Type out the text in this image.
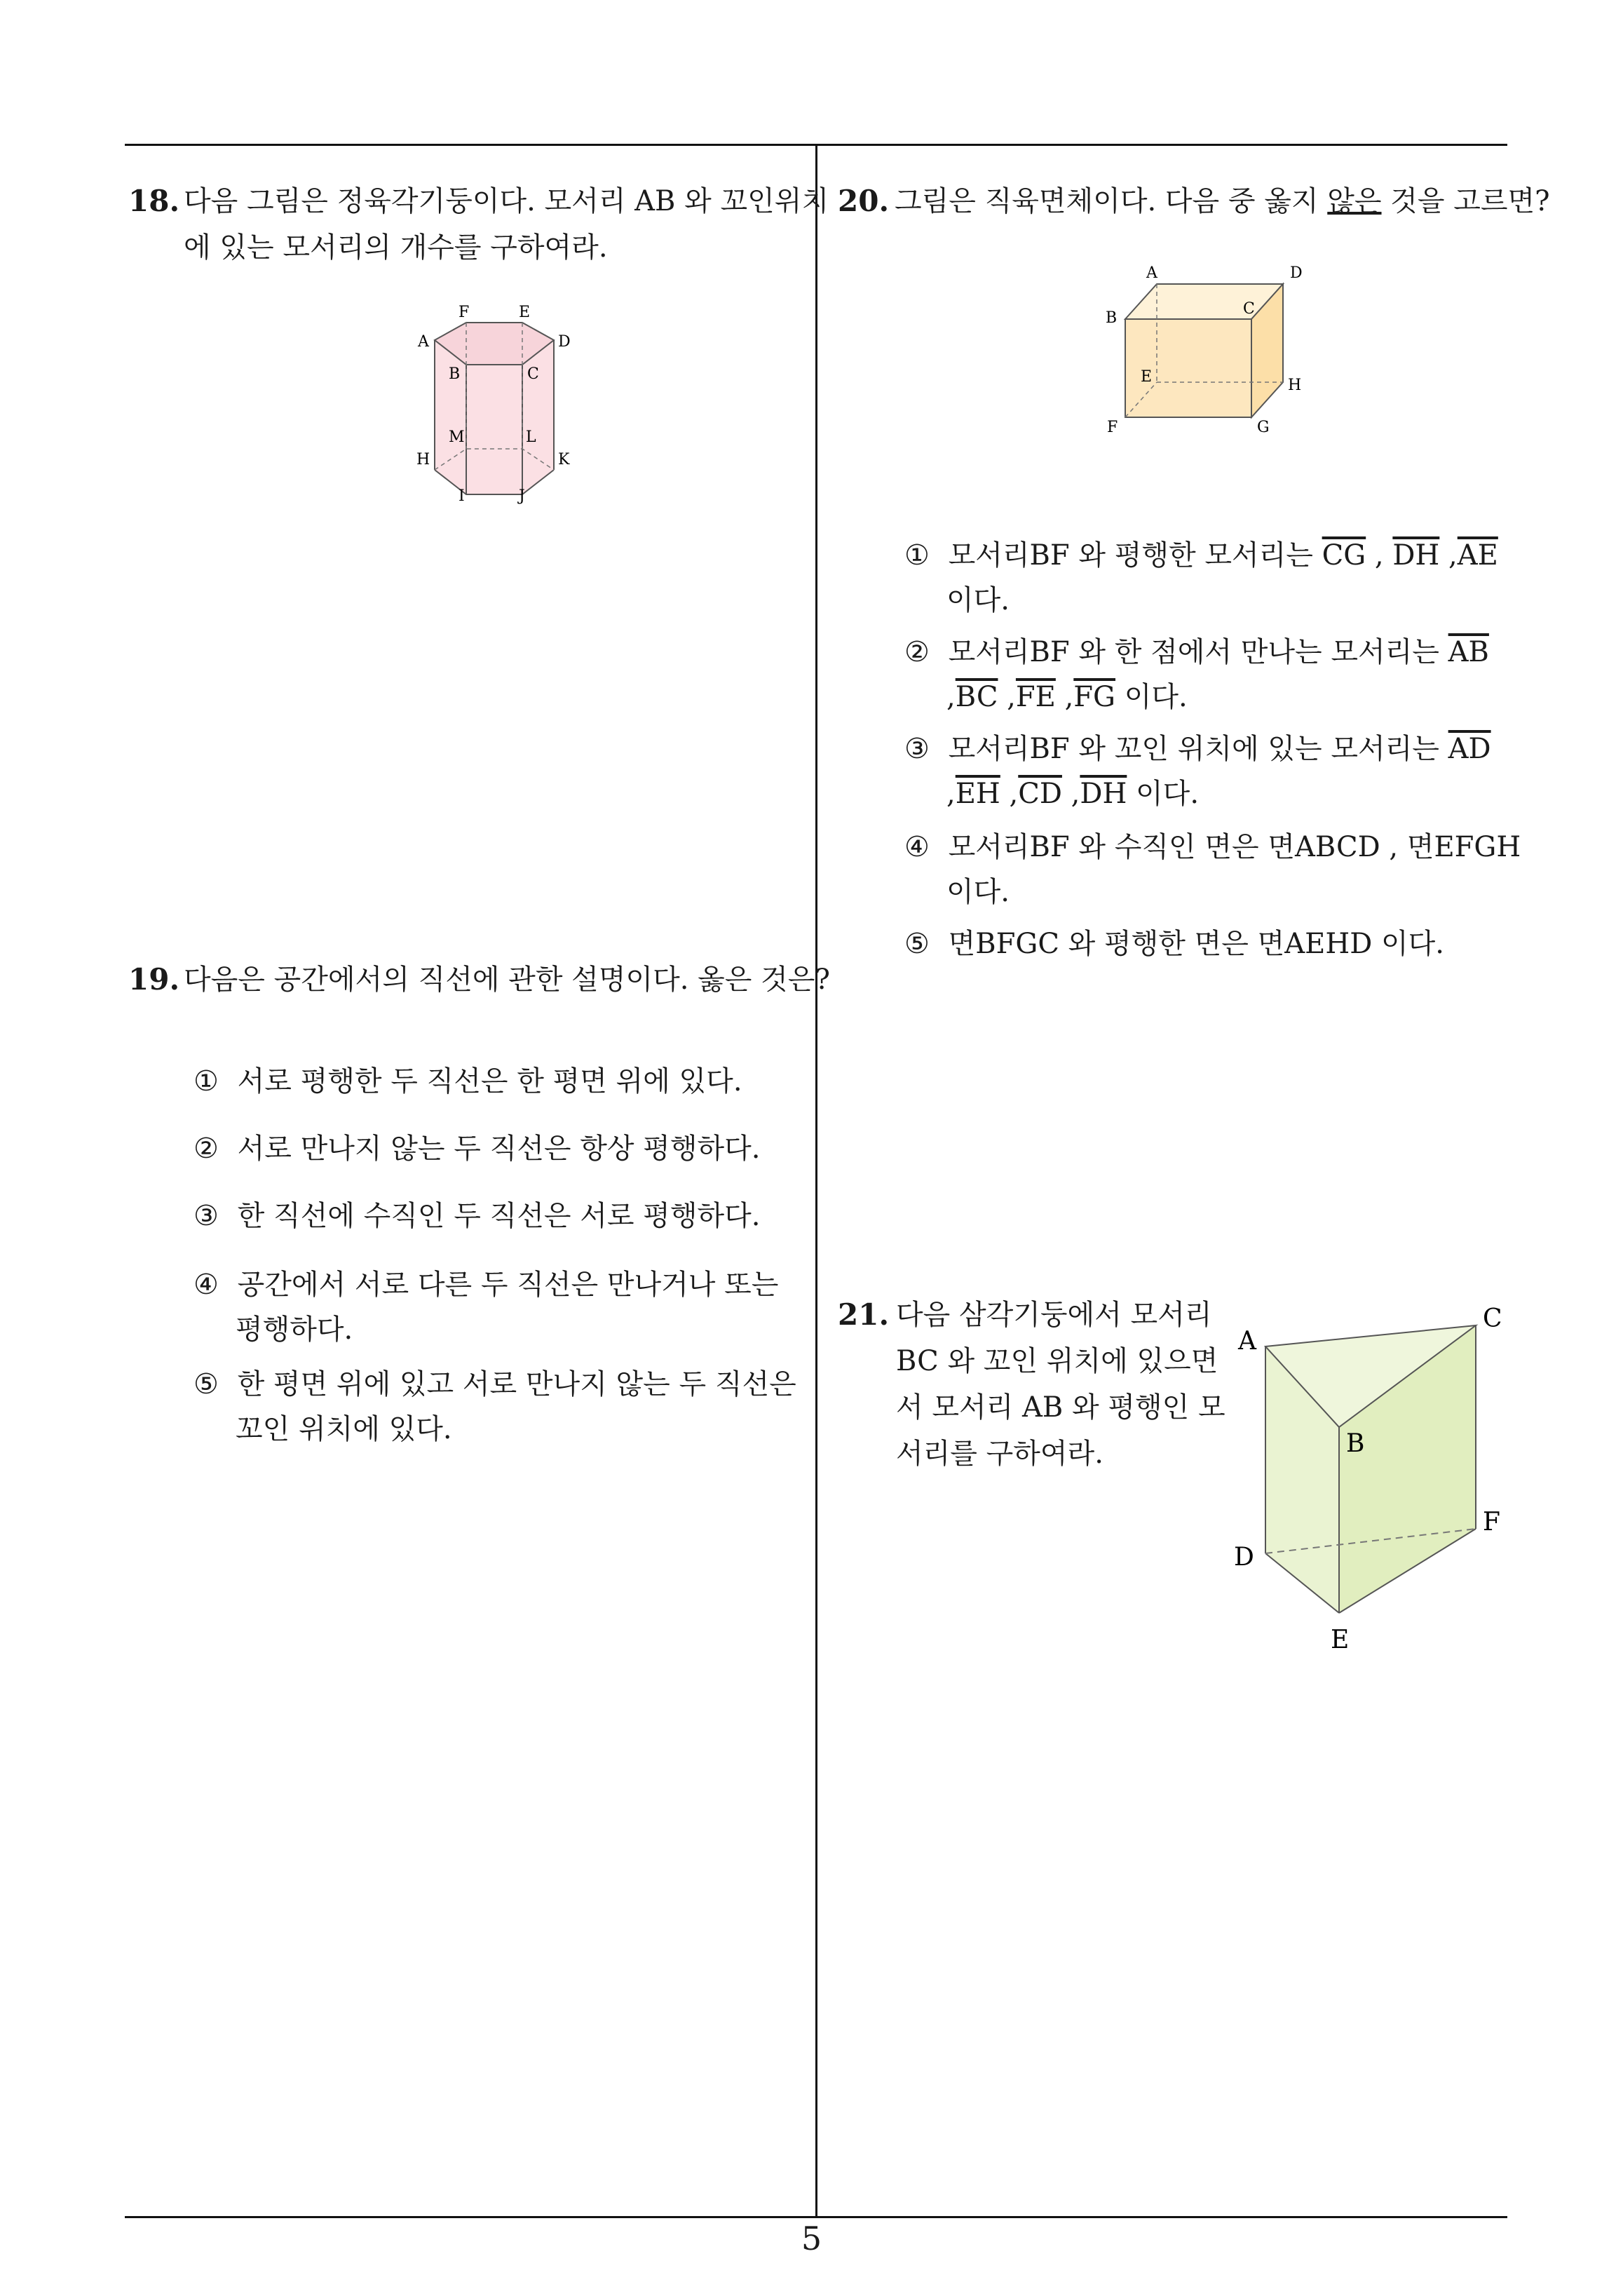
18. 다음 그림은 정육각기둥이다. 모서리 AB 와 꼬인위치
에 있는 모서리의 개수를 구하여라.
F	E
A	D
B	C
M	L
H	K
I	J
19. 다음은 공간에서의 직선에 관한 설명이다. 옳은 것은?
① 서로 평행한 두 직선은 한 평면 위에 있다.
② 서로 만나지 않는 두 직선은 항상 평행하다.
③ 한 직선에 수직인 두 직선은 서로 평행하다.
④ 공간에서 서로 다른 두 직선은 만나거나 또는
평행하다.
⑤ 한 평면 위에 있고 서로 만나지 않는 두 직선은
꼬인 위치에 있다.
20. 그림은 직육면체이다. 다음 중 옳지 않은 것을 고르면?
A	D
B
C
E	H
F	G
① 모서리BF 와 평행한 모서리는 $\overline{CG}$ , $\overline{DH}$ $,\overline{AE}$
이다.
② 모서리BF 와 한 점에서 만나는 모서리는 $\overline{AB}$
$,\overline{BC}$ $,\overline{FE}$ $,\overline{FG}$ 이다.
③ 모서리BF 와 꼬인 위치에 있는 모서리는 $\overline{AD}$
$,\overline{EH}$ $,\overline{CD}$ $,\overline{DH}$ 이다.
④ 모서리BF 와 수직인 면은 면ABCD , 면EFGH
이다.
⑤ 면BFGC 와 평행한 면은 면AEHD 이다.
21. 다음 삼각기둥에서 모서리
BC 와 꼬인 위치에 있으면
서 모서리 AB 와 평행인 모
서리를 구하여라.
A
C
B
D
F
E
5
